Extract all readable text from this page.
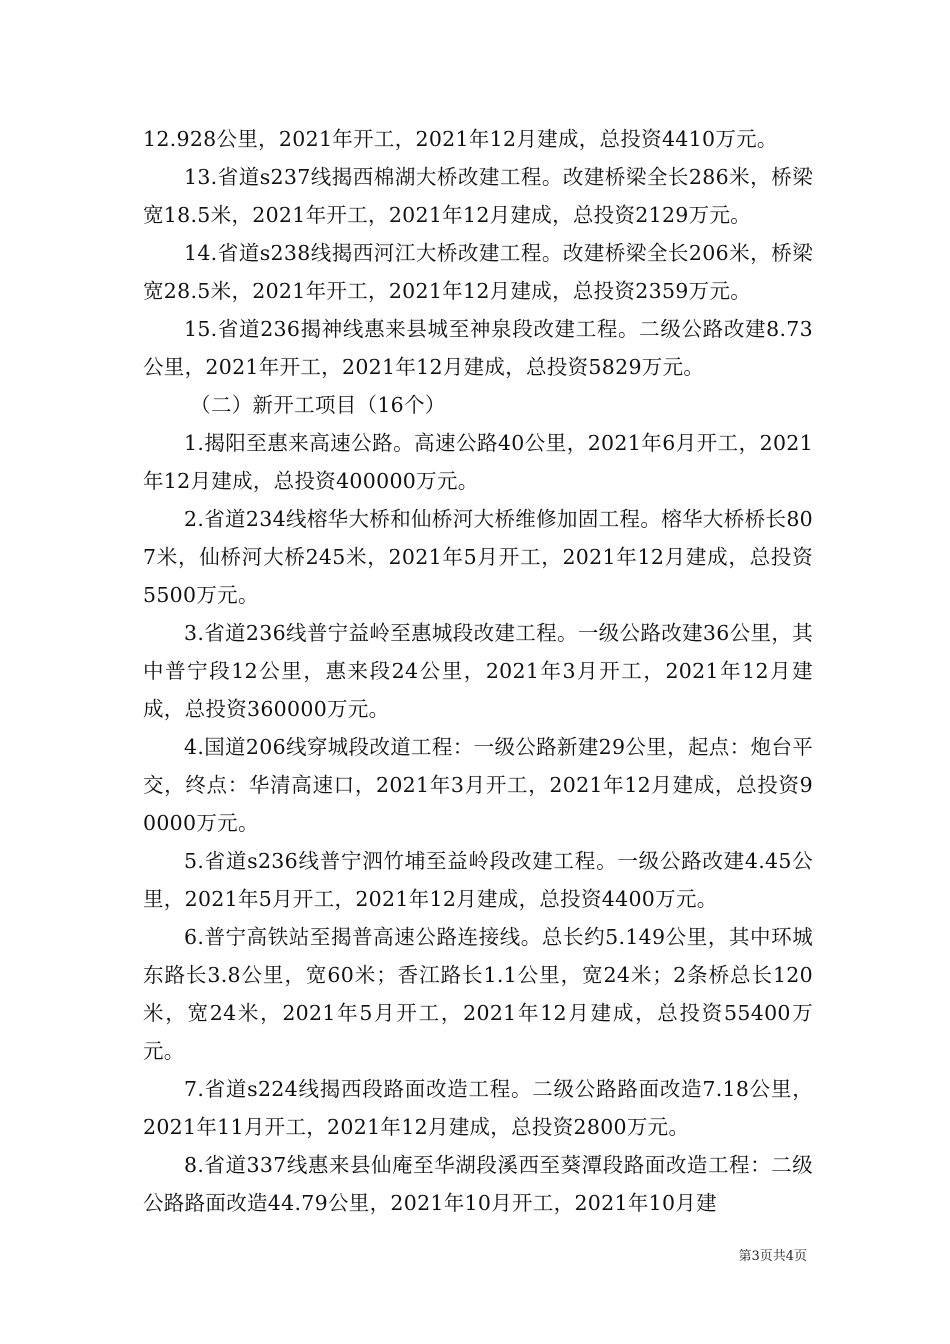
12.928公里，2021年开工，2021年12月建成，总投资4410万元。

13.省道s237线揭西棉湖大桥改建工程。改建桥梁全长286米，桥梁宽18.5米，2021年开工，2021年12月建成，总投资2129万元。

14.省道s238线揭西河江大桥改建工程。改建桥梁全长206米，桥梁宽28.5米，2021年开工，2021年12月建成，总投资2359万元。

15.省道236揭神线惠来县城至神泉段改建工程。二级公路改建8.73公里，2021年开工，2021年12月建成，总投资5829万元。

（二）新开工项目（16个）

1.揭阳至惠来高速公路。高速公路40公里，2021年6月开工，2021年12月建成，总投资400000万元。

2.省道234线榕华大桥和仙桥河大桥维修加固工程。榕华大桥桥长807米，仙桥河大桥245米，2021年5月开工，2021年12月建成，总投资5500万元。

3.省道236线普宁益岭至惠城段改建工程。一级公路改建36公里，其中普宁段12公里，惠来段24公里，2021年3月开工，2021年12月建成，总投资360000万元。

4.国道206线穿城段改道工程：一级公路新建29公里，起点：炮台平交，终点：华清高速口，2021年3月开工，2021年12月建成，总投资90000万元。

5.省道s236线普宁泗竹埔至益岭段改建工程。一级公路改建4.45公里，2021年5月开工，2021年12月建成，总投资4400万元。

6.普宁高铁站至揭普高速公路连接线。总长约5.149公里，其中环城东路长3.8公里，宽60米；香江路长1.1公里，宽24米；2条桥总长120米，宽24米，2021年5月开工，2021年12月建成，总投资55400万元。

7.省道s224线揭西段路面改造工程。二级公路路面改造7.18公里，2021年11月开工，2021年12月建成，总投资2800万元。

8.省道337线惠来县仙庵至华湖段溪西至葵潭段路面改造工程：二级公路路面改造44.79公里，2021年10月开工，2021年10月建

第3页共4页
